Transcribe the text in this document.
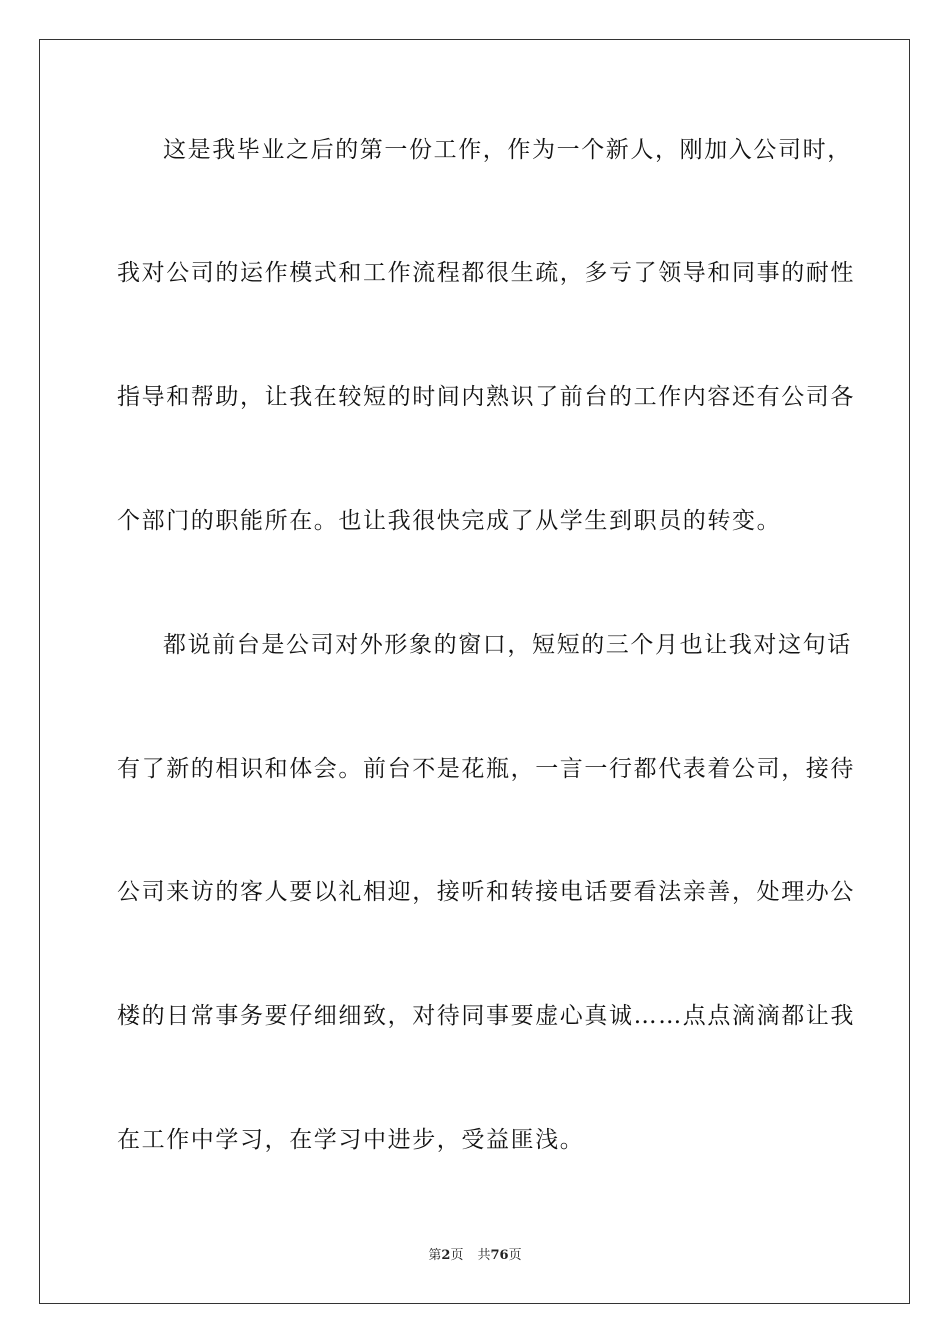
这是我毕业之后的第一份工作，作为一个新人，刚加入公司时，
我对公司的运作模式和工作流程都很生疏，多亏了领导和同事的耐性
指导和帮助，让我在较短的时间内熟识了前台的工作内容还有公司各
个部门的职能所在。也让我很快完成了从学生到职员的转变。
都说前台是公司对外形象的窗口，短短的三个月也让我对这句话
有了新的相识和体会。前台不是花瓶，一言一行都代表着公司，接待
公司来访的客人要以礼相迎，接听和转接电话要看法亲善，处理办公
楼的日常事务要仔细细致，对待同事要虚心真诚……点点滴滴都让我
在工作中学习，在学习中进步，受益匪浅。
第2页 共76页
